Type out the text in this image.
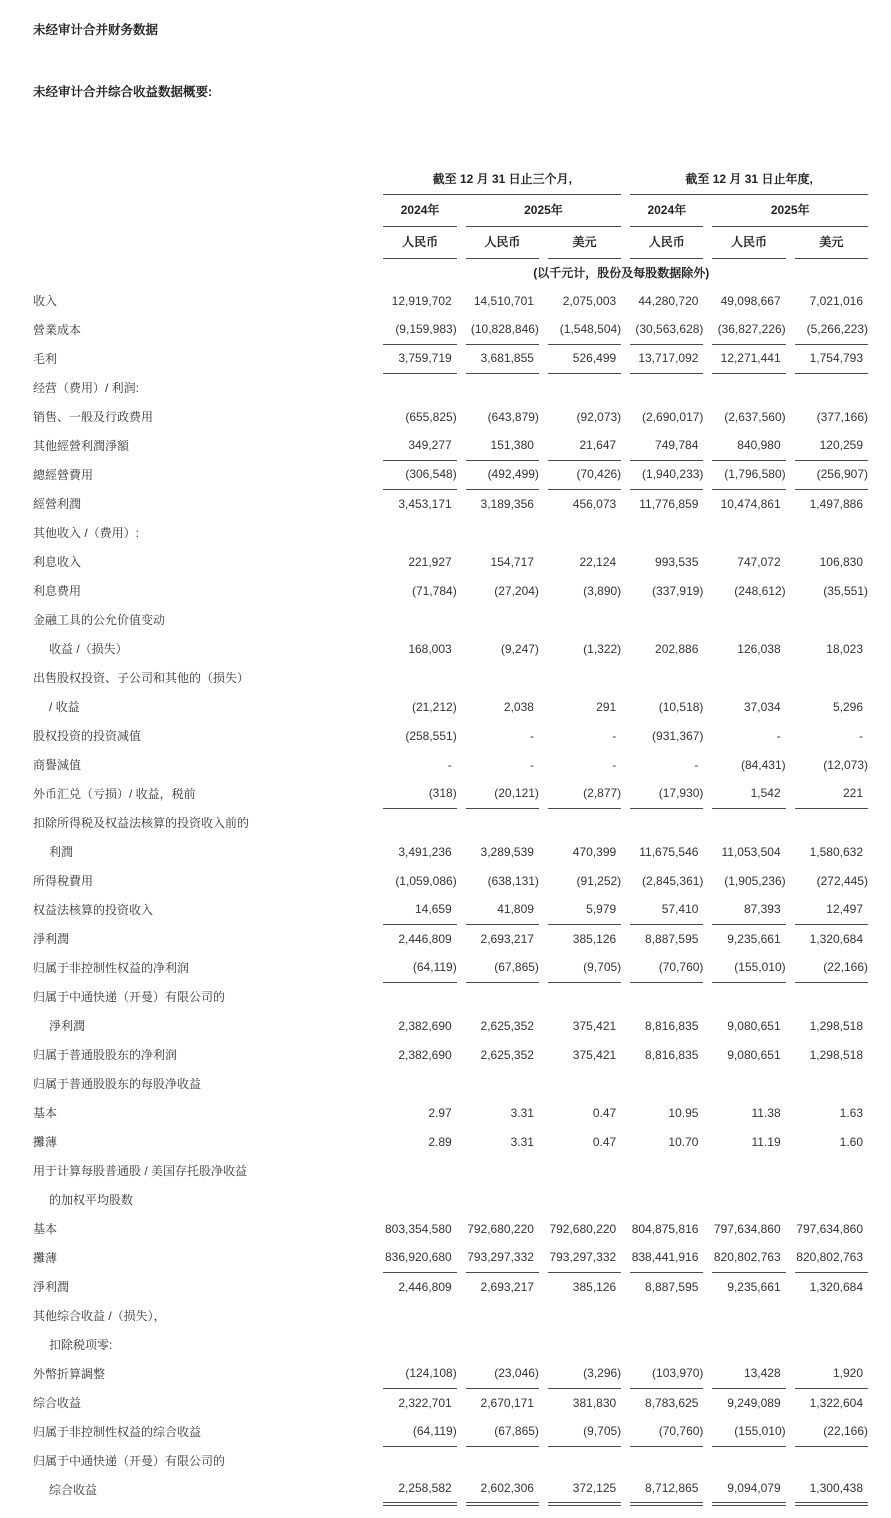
未经审计合并财务数据
未经审计合并综合收益数据概要:

截至 12 月 31 日止三个月,			截至 12 月 31 日止年度,		

2024年	2025年		2024年	2025年	

人民币	人民币	美元	人民币	人民币	美元

(以千元计，股份及每股数据除外)					

收入	12,919,702	14,510,701	2,075,003	44,280,720	49,098,667	7,021,016

營業成本	(9,159,983)	(10,828,846)	(1,548,504)	(30,563,628)	(36,827,226)	(5,266,223)

毛利	3,759,719	3,681,855	526,499	13,717,092	12,271,441	1,754,793

经营（费用）/ 利润:	

销售、一般及行政费用	(655,825)	(643,879)	(92,073)	(2,690,017)	(2,637,560)	(377,166)

其他經營利潤淨額	349,277	151,380	21,647	749,784	840,980	120,259

總經營費用	(306,548)	(492,499)	(70,426)	(1,940,233)	(1,796,580)	(256,907)

經營利潤	3,453,171	3,189,356	456,073	11,776,859	10,474,861	1,497,886

其他收入 /（费用）:	

利息收入	221,927	154,717	22,124	993,535	747,072	106,830

利息费用	(71,784)	(27,204)	(3,890)	(337,919)	(248,612)	(35,551)

金融工具的公允价值变动	

收益 /（损失）	168,003	(9,247)	(1,322)	202,886	126,038	18,023

出售股权投资、子公司和其他的（损失）	

/ 收益	(21,212)	2,038	291	(10,518)	37,034	5,296

股权投资的投资减值	(258,551)	-	-	(931,367)	-	-

商譽減值	-	-	-	-	(84,431)	(12,073)

外币汇兑（亏损）/ 收益，税前	(318)	(20,121)	(2,877)	(17,930)	1,542	221

扣除所得税及权益法核算的投资收入前的	

利潤	3,491,236	3,289,539	470,399	11,675,546	11,053,504	1,580,632

所得稅費用	(1,059,086)	(638,131)	(91,252)	(2,845,361)	(1,905,236)	(272,445)

权益法核算的投资收入	14,659	41,809	5,979	57,410	87,393	12,497

淨利潤	2,446,809	2,693,217	385,126	8,887,595	9,235,661	1,320,684

归属于非控制性权益的净利润	(64,119)	(67,865)	(9,705)	(70,760)	(155,010)	(22,166)

归属于中通快递（开曼）有限公司的	

淨利潤	2,382,690	2,625,352	375,421	8,816,835	9,080,651	1,298,518

归属于普通股股东的净利润	2,382,690	2,625,352	375,421	8,816,835	9,080,651	1,298,518

归属于普通股股东的每股净收益	

基本	2.97	3.31	0.47	10.95	11.38	1.63

攤薄	2.89	3.31	0.47	10.70	11.19	1.60

用于计算每股普通股 / 美国存托股净收益	

的加权平均股数	

基本	803,354,580	792,680,220	792,680,220	804,875,816	797,634,860	797,634,860

攤薄	836,920,680	793,297,332	793,297,332	838,441,916	820,802,763	820,802,763

淨利潤	2,446,809	2,693,217	385,126	8,887,595	9,235,661	1,320,684

其他综合收益 /（损失），	

扣除税项零:	

外幣折算調整	(124,108)	(23,046)	(3,296)	(103,970)	13,428	1,920

综合收益	2,322,701	2,670,171	381,830	8,783,625	9,249,089	1,322,604

归属于非控制性权益的综合收益	(64,119)	(67,865)	(9,705)	(70,760)	(155,010)	(22,166)

归属于中通快递（开曼）有限公司的	

综合收益	2,258,582	2,602,306	372,125	8,712,865	9,094,079	1,300,438
